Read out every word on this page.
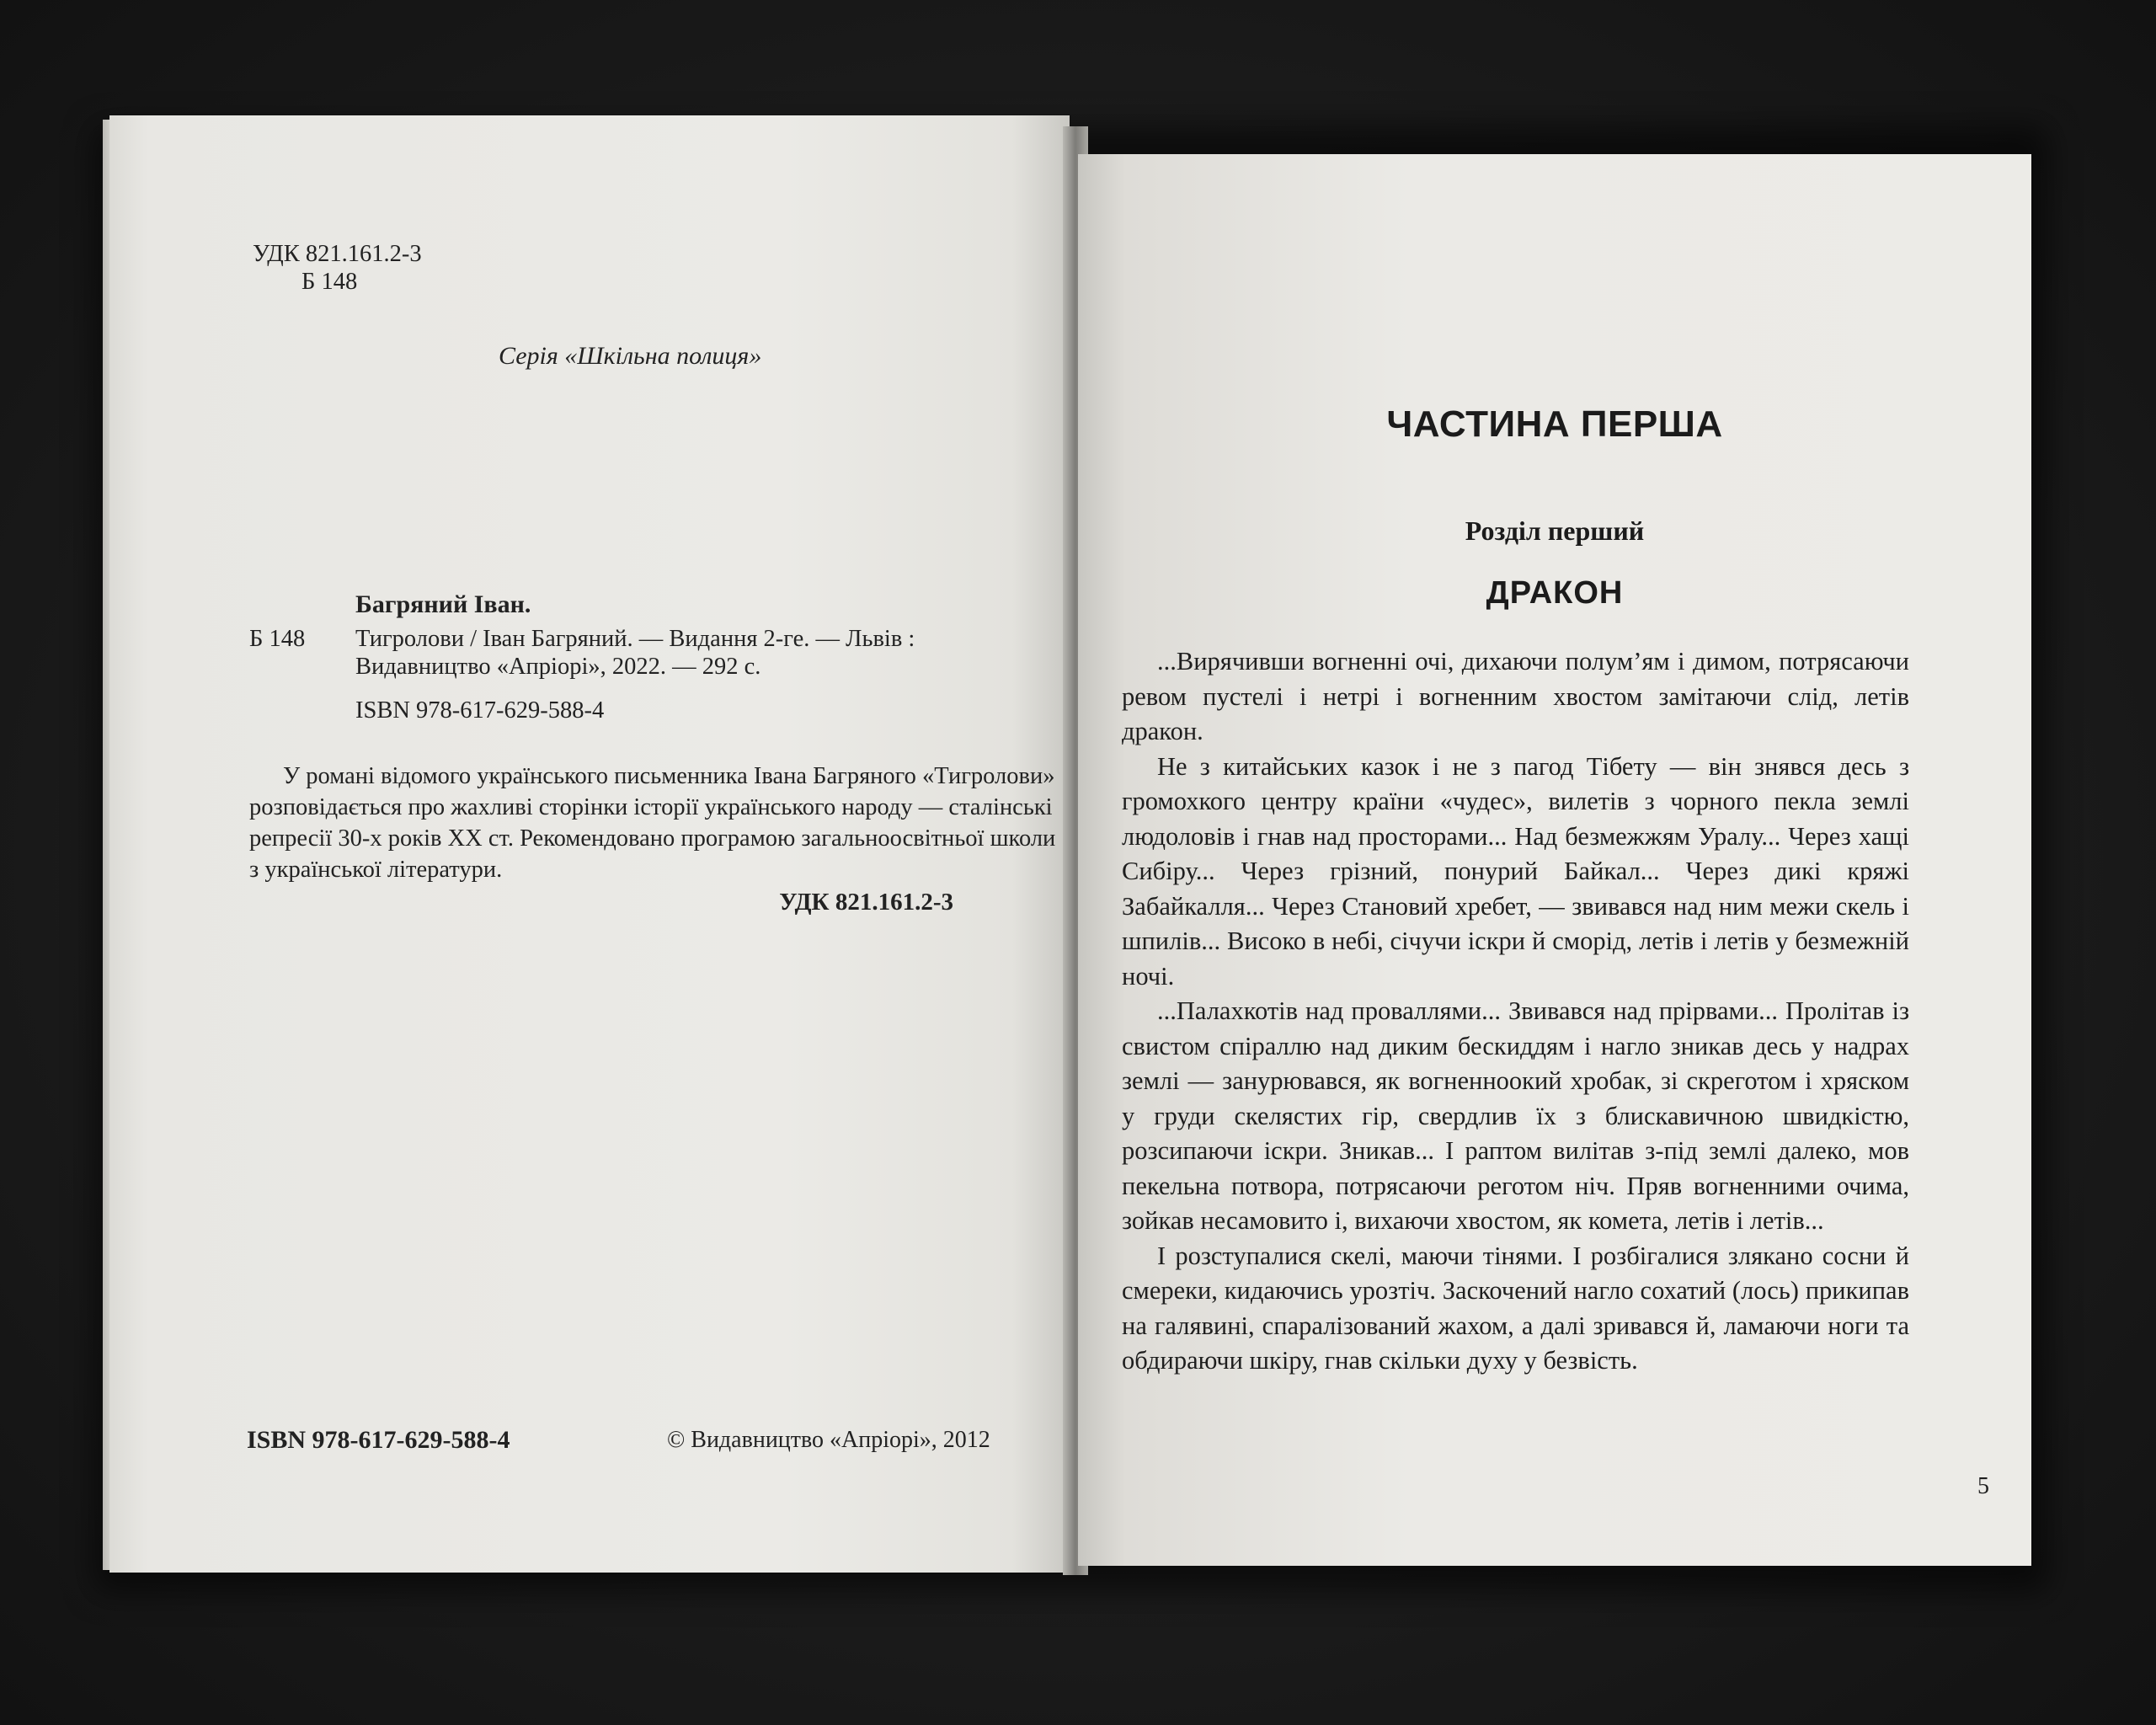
УДК 821.161.2-3
Б 148
Серія «Шкільна полиця»
Багряний Іван.
Б 148 Тигролови / Іван Багряний. — Видання 2-ге. — Львів : Видавництво «Апріорі», 2022. — 292 с.
ISBN 978-617-629-588-4
У романі відомого українського письменника Івана Багряного «Тигролови» розповідається про жахливі сторінки історії українського народу — сталінські репресії 30-х років ХХ ст. Рекомендовано програмою загальноосвітньої школи з української літератури.
УДК 821.161.2-3
ISBN 978-617-629-588-4	© Видавництво «Апріорі», 2012
ЧАСТИНА ПЕРША
Розділ перший
ДРАКОН

...Вирячивши вогненні очі, дихаючи полум’ям і димом, потрясаючи ревом пустелі і нетрі і вогненним хвостом замітаючи слід, летів дракон.

Не з китайських казок і не з пагод Тібету — він знявся десь з громохкого центру країни «чудес», вилетів з чорного пекла землі людоловів і гнав над просторами... Над безмежжям Уралу... Через хащі Сибіру... Через грізний, понурий Байкал... Через дикі кряжі Забайкалля... Через Становий хребет, — звивався над ним межи скель і шпилів... Високо в небі, січучи іскри й сморід, летів і летів у безмежній ночі.

...Палахкотів над проваллями... Звивався над прірвами... Пролітав із свистом спіраллю над диким бескиддям і нагло зникав десь у надрах землі — занурювався, як вогненноокий хробак, зі скреготом і хряском у груди скелястих гір, свердлив їх з блискавичною швидкістю, розсипаючи іскри. Зникав... І раптом вилітав з-під землі далеко, мов пекельна потвора, потрясаючи реготом ніч. Пряв вогненними очима, зойкав несамовито і, вихаючи хвостом, як комета, летів і летів...

І розступалися скелі, маючи тінями. І розбігалися злякано сосни й смереки, кидаючись урозтіч. Заскочений нагло сохатий (лось) прикипав на галявині, спаралізований жахом, а далі зривався й, ламаючи ноги та обдираючи шкіру, гнав скільки духу у безвість.

5
